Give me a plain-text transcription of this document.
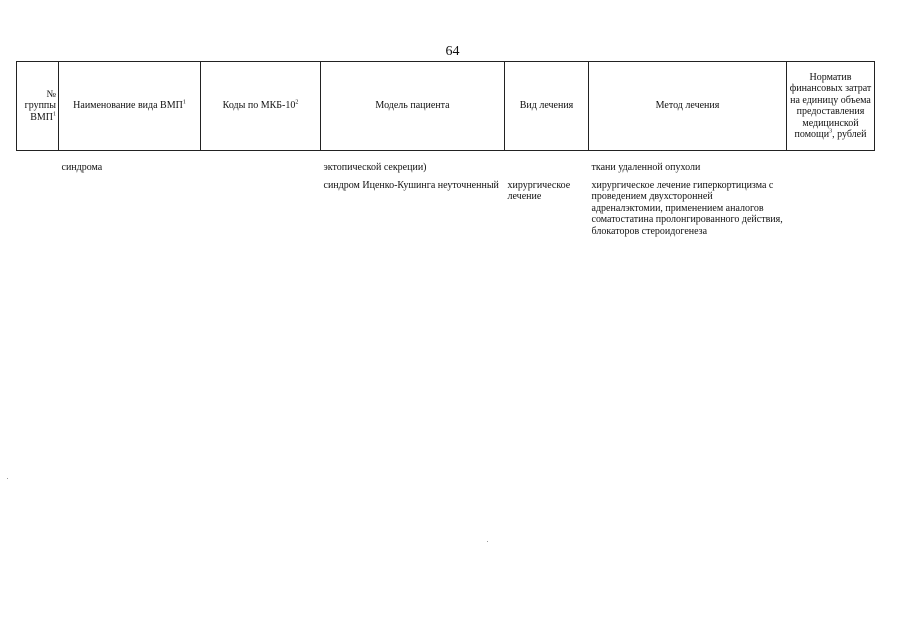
64
№ группы ВМП$^1$	Наименование вида ВМП$^1$	Коды по МКБ-$10^2$	Модель пациента	Вид лечения	Метод лечения	Норматив финансовых затрат на единицу объема предоставления медицинской помощи$^3$, рублей
	синдрома		эктопической секреции)		ткани удаленной опухоли	
			синдром Иценко-Кушинга неуточненный	хирургическое лечение	хирургическое лечение гиперкортицизма с проведением двухсторонней адреналэктомии, применением аналогов соматостатина пролонгированного действия, блокаторов стероидогенеза	
